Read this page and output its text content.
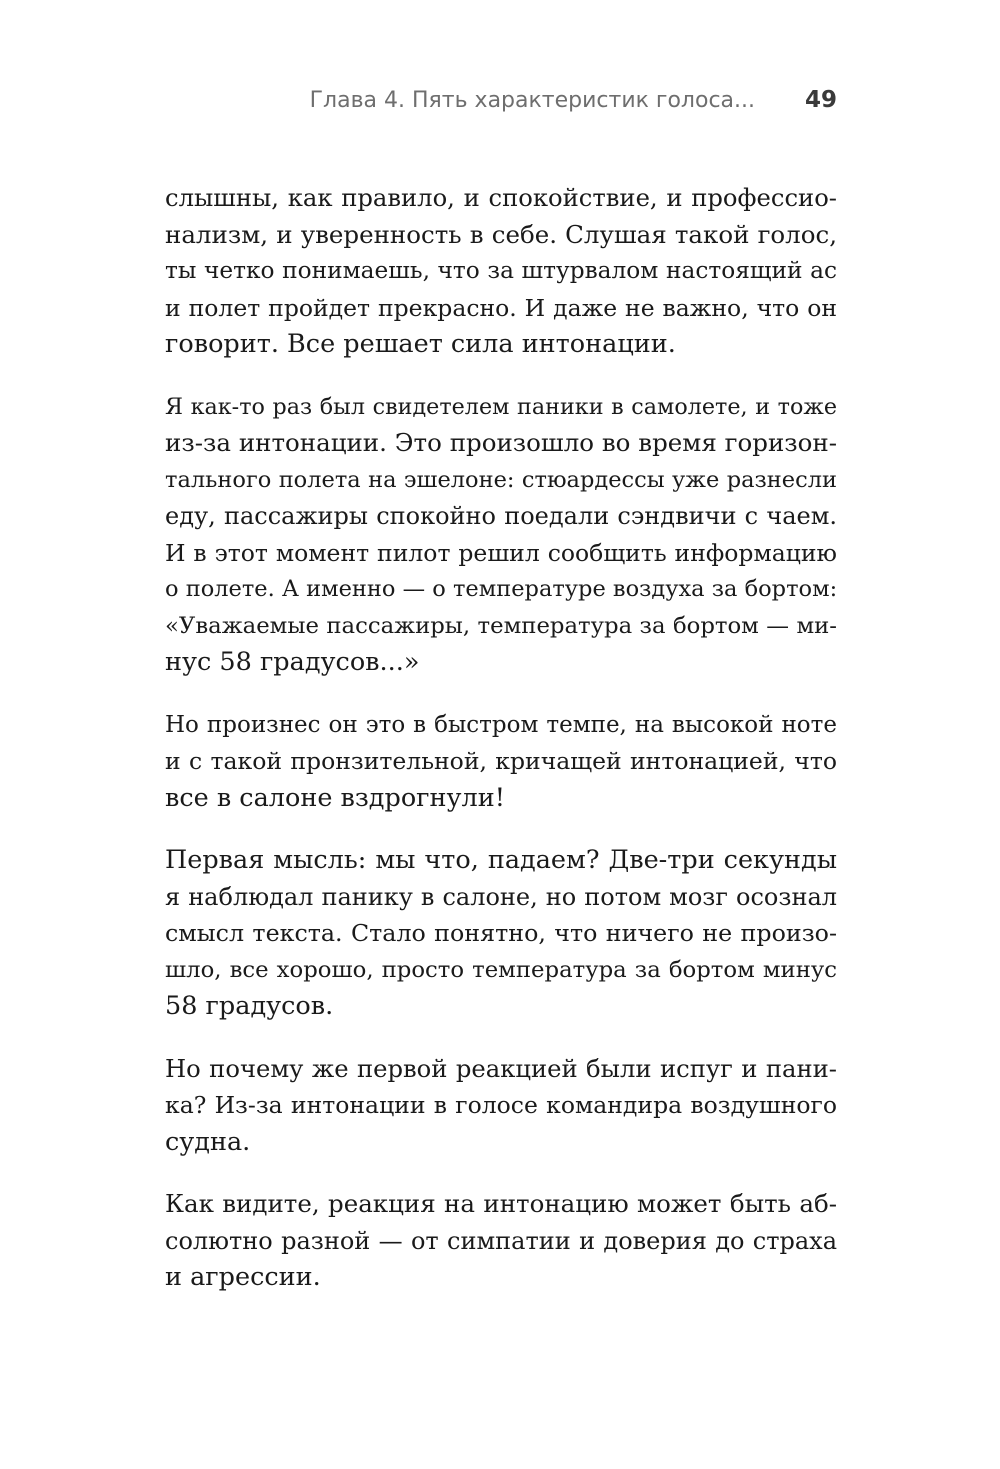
Глава 4. Пять характеристик голоса... 49
слышны, как правило, и спокойствие, и профессио-
нализм, и уверенность в себе. Слушая такой голос,
ты четко понимаешь, что за штурвалом настоящий ас
и полет пройдет прекрасно. И даже не важно, что он
говорит. Все решает сила интонации.
Я как-то раз был свидетелем паники в самолете, и тоже
из-за интонации. Это произошло во время горизон-
тального полета на эшелоне: стюардессы уже разнесли
еду, пассажиры спокойно поедали сэндвичи с чаем.
И в этот момент пилот решил сообщить информацию
о полете. А именно — о температуре воздуха за бортом:
«Уважаемые пассажиры, температура за бортом — ми-
нус 58 градусов...»
Но произнес он это в быстром темпе, на высокой ноте
и с такой пронзительной, кричащей интонацией, что
все в салоне вздрогнули!
Первая мысль: мы что, падаем? Две-три секунды
я наблюдал панику в салоне, но потом мозг осознал
смысл текста. Стало понятно, что ничего не произо-
шло, все хорошо, просто температура за бортом минус
58 градусов.
Но почему же первой реакцией были испуг и пани-
ка? Из-за интонации в голосе командира воздушного
судна.
Как видите, реакция на интонацию может быть аб-
солютно разной — от симпатии и доверия до страха
и агрессии.
